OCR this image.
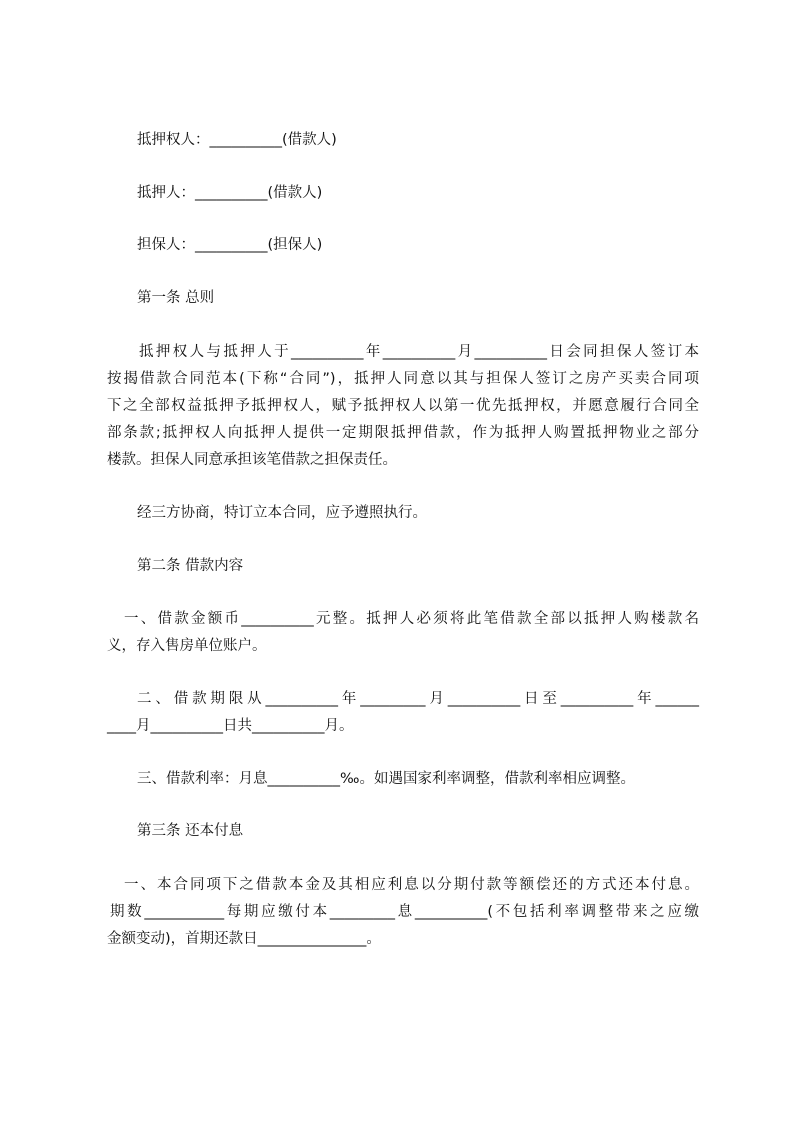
抵押权人：__________(借款人)
抵押人：__________(借款人)
担保人：__________(担保人)
第一条 总则
抵押权人与抵押人于__________年__________月__________日会同担保人签订本
按揭借款合同范本(下称“合同”)，抵押人同意以其与担保人签订之房产买卖合同项
下之全部权益抵押予抵押权人，赋予抵押权人以第一优先抵押权，并愿意履行合同全
部条款;抵押权人向抵押人提供一定期限抵押借款，作为抵押人购置抵押物业之部分
楼款。担保人同意承担该笔借款之担保责任。
经三方协商，特订立本合同，应予遵照执行。
第二条 借款内容
一、借款金额币__________元整。抵押人必须将此笔借款全部以抵押人购楼款名
义，存入售房单位账户。
二、借款期限从__________年_________月__________日至__________年______
____月__________日共__________月。
三、借款利率：月息__________‰。如遇国家利率调整，借款利率相应调整。
第三条 还本付息
一、本合同项下之借款本金及其相应利息以分期付款等额偿还的方式还本付息。
期数___________每期应缴付本_________息__________(不包括利率调整带来之应缴
金额变动)，首期还款日_______________。
